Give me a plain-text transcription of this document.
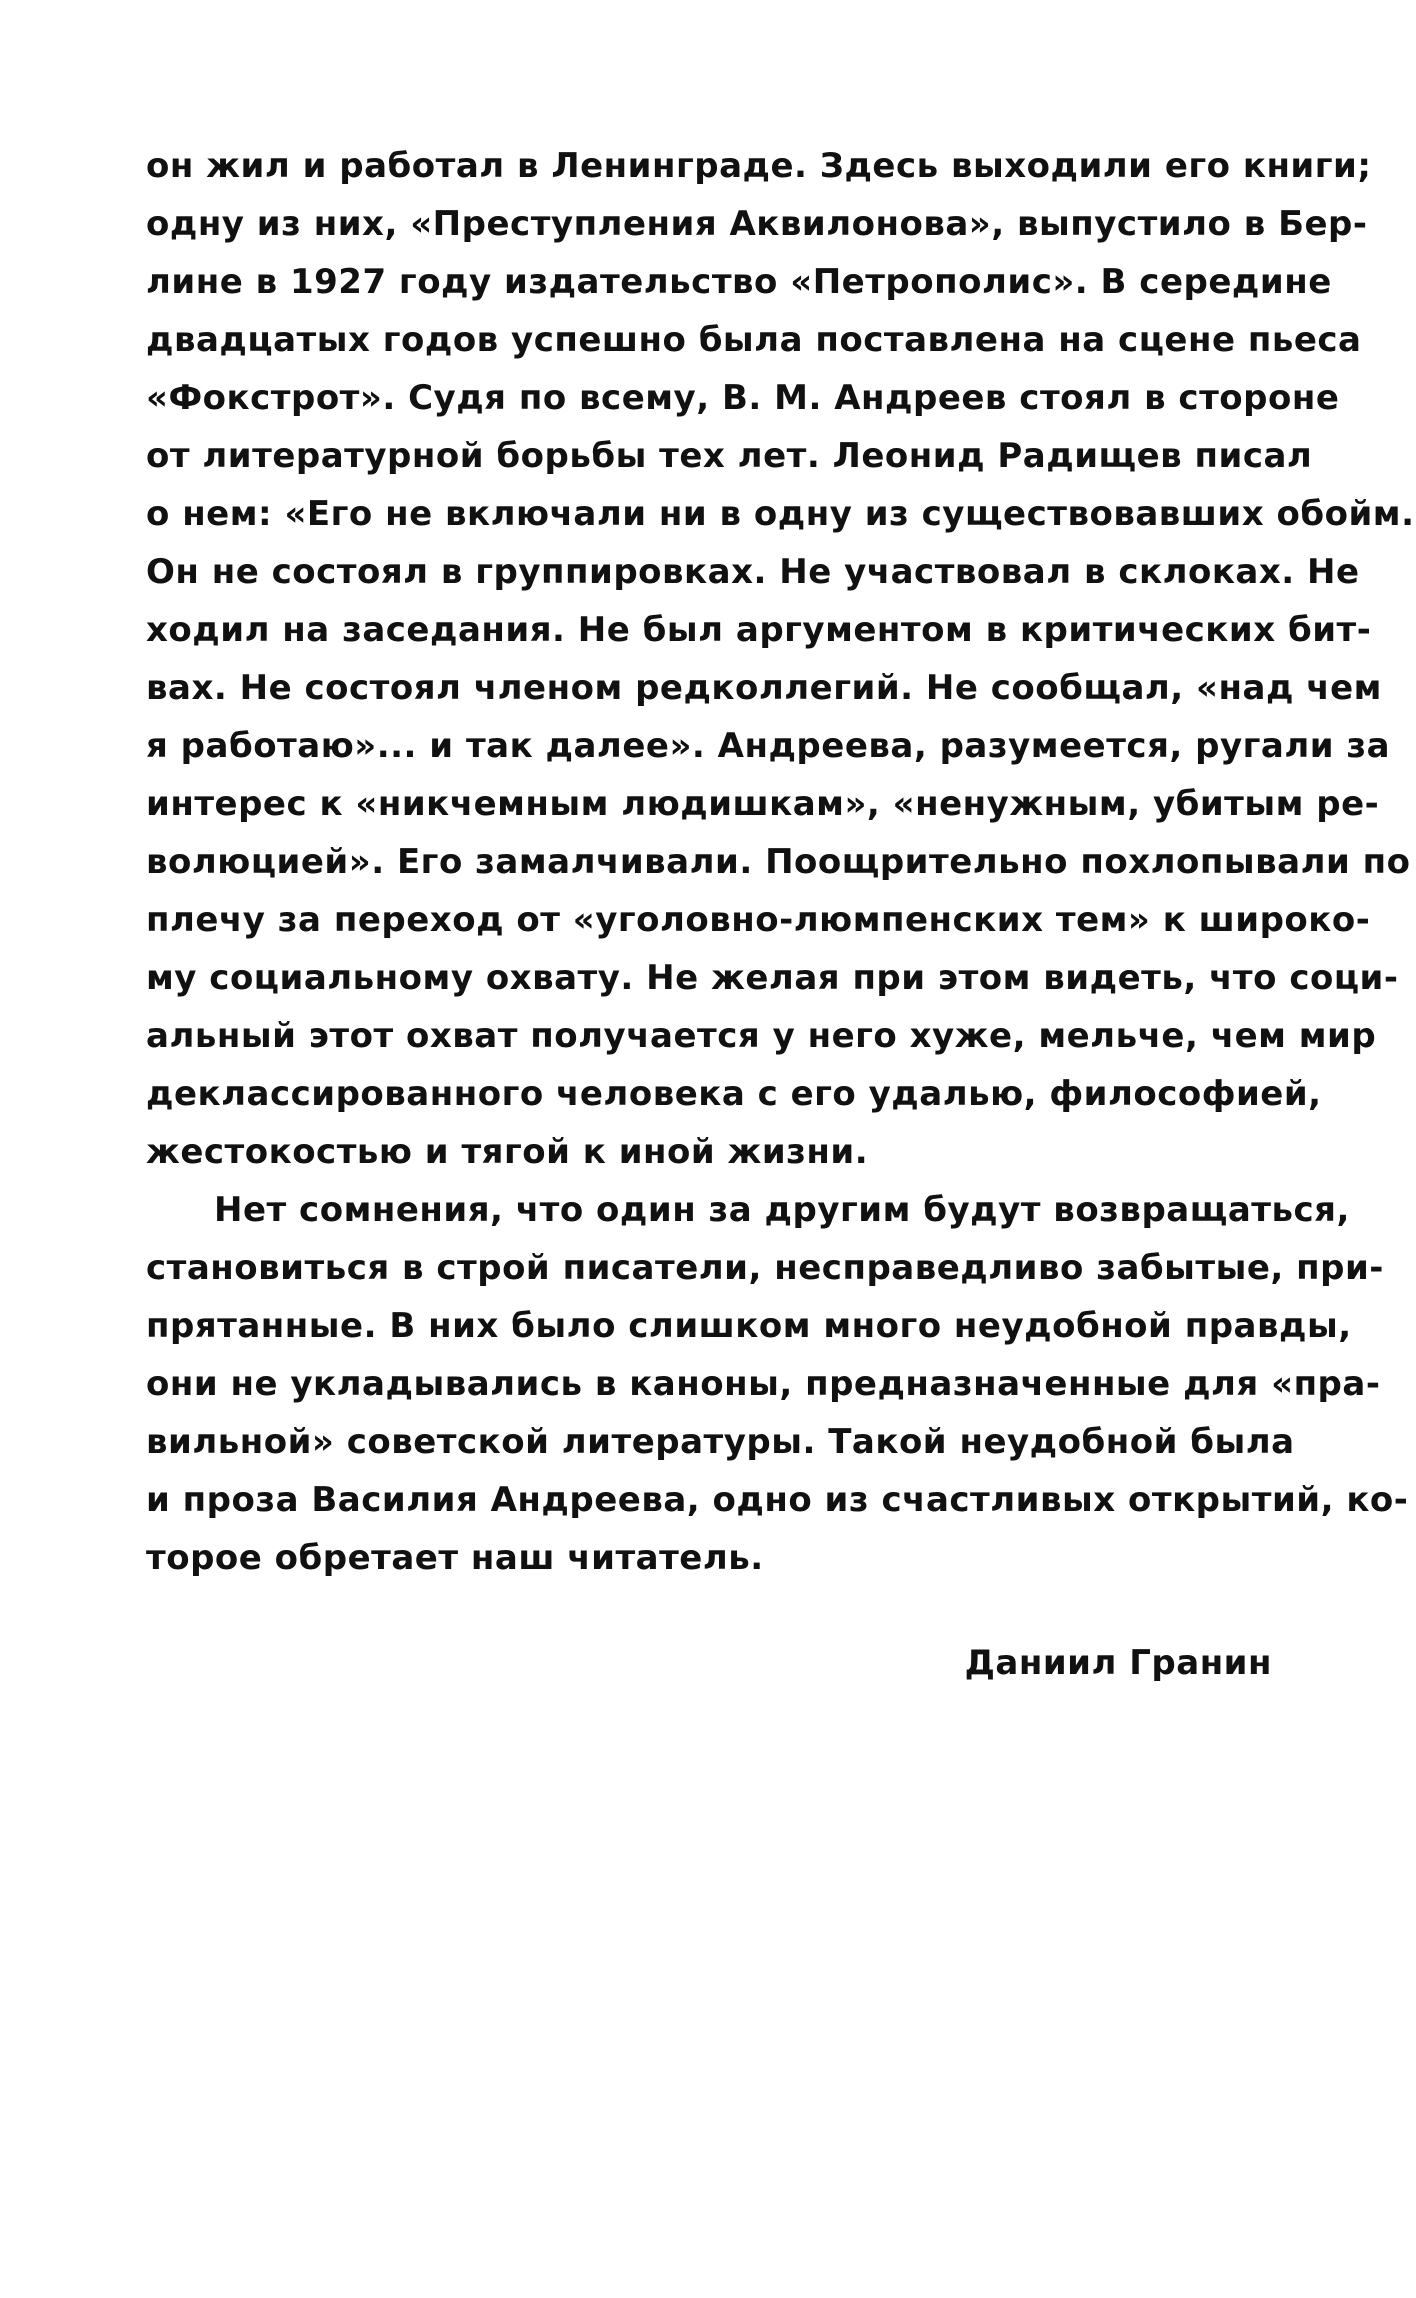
он жил и работал в Ленинграде. Здесь выходили его книги;
одну из них, «Преступления Аквилонова», выпустило в Бер-
лине в 1927 году издательство «Петрополис». В середине
двадцатых годов успешно была поставлена на сцене пьеса
«Фокстрот». Судя по всему, В. М. Андреев стоял в стороне
от литературной борьбы тех лет. Леонид Радищев писал
о нем: «Его не включали ни в одну из существовавших обойм.
Он не состоял в группировках. Не участвовал в склоках. Не
ходил на заседания. Не был аргументом в критических бит-
вах. Не состоял членом редколлегий. Не сообщал, «над чем
я работаю»... и так далее». Андреева, разумеется, ругали за
интерес к «никчемным людишкам», «ненужным, убитым ре-
волюцией». Его замалчивали. Поощрительно похлопывали по
плечу за переход от «уголовно-люмпенских тем» к широко-
му социальному охвату. Не желая при этом видеть, что соци-
альный этот охват получается у него хуже, мельче, чем мир
деклассированного человека с его удалью, философией,
жестокостью и тягой к иной жизни.
Нет сомнения, что один за другим будут возвращаться,
становиться в строй писатели, несправедливо забытые, при-
прятанные. В них было слишком много неудобной правды,
они не укладывались в каноны, предназначенные для «пра-
вильной» советской литературы. Такой неудобной была
и проза Василия Андреева, одно из счастливых открытий, ко-
торое обретает наш читатель.
Даниил Гранин
